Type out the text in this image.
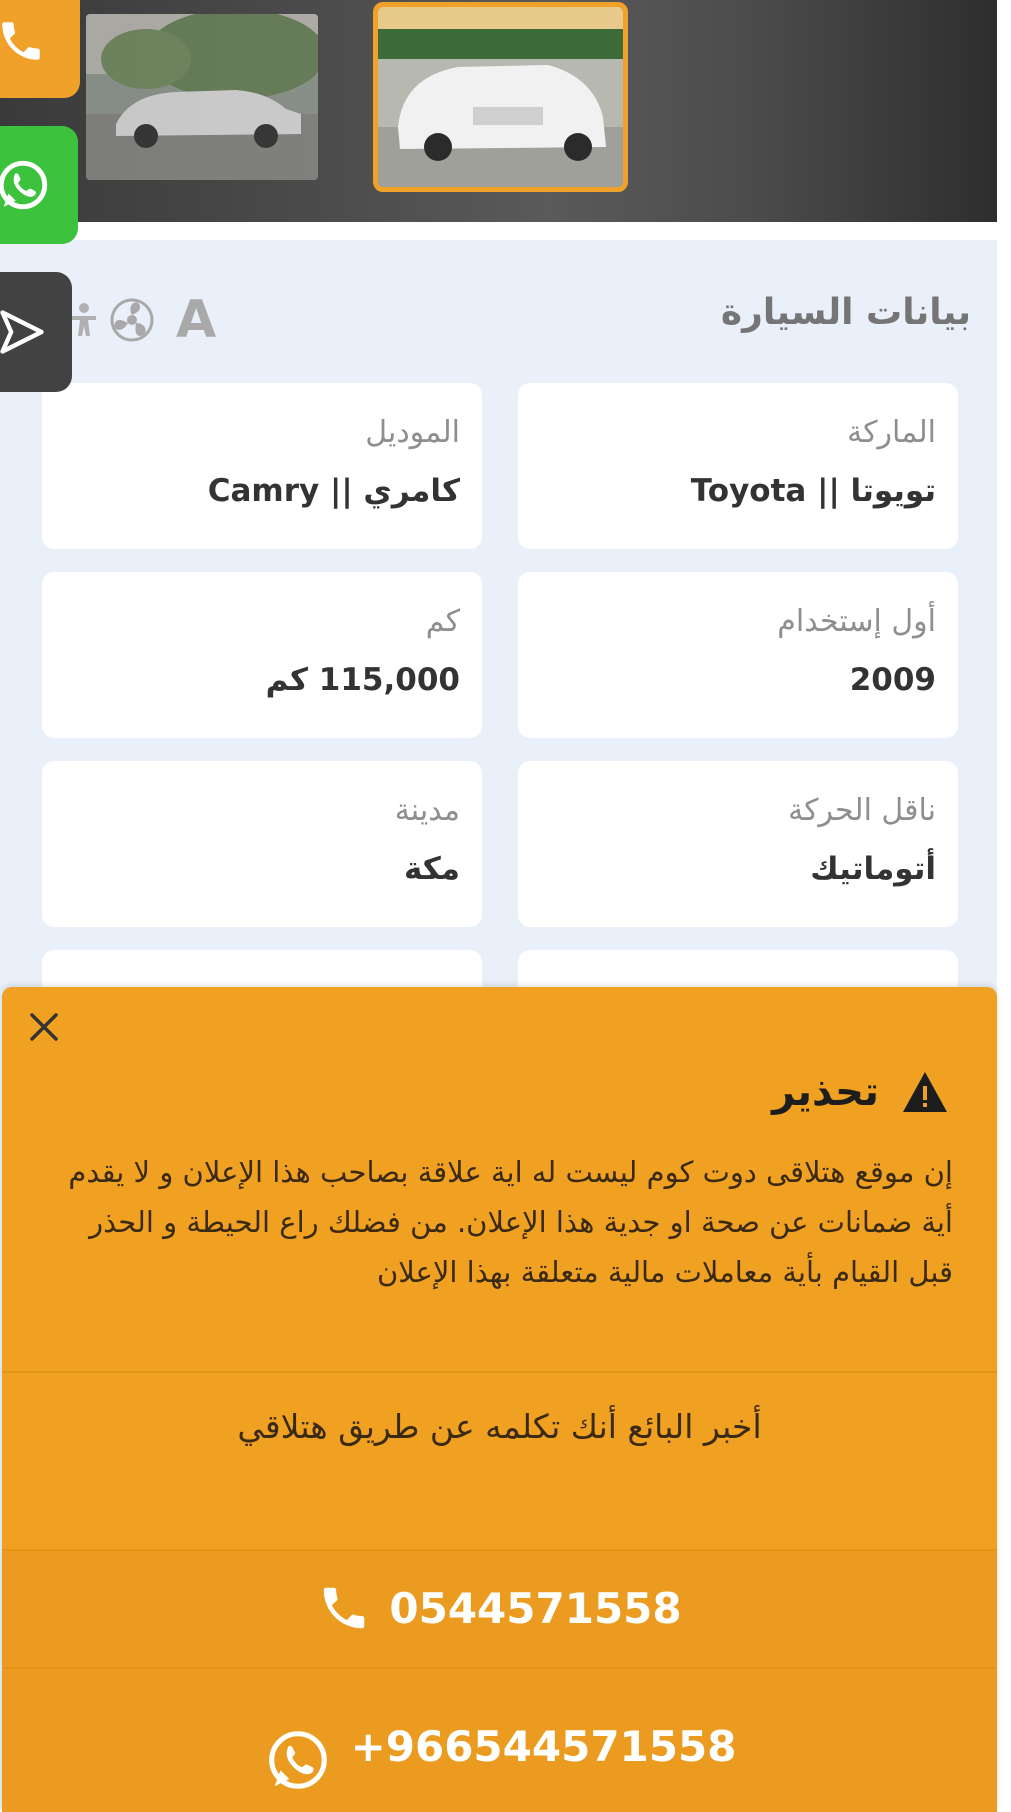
بيانات السيارة
A
الماركة
تويوتا || Toyota
الموديل
كامري || Camry
أول إستخدام
2009
كم
115,000 كم
ناقل الحركة
أتوماتيك
مدينة
مكة
تحذير
إن موقع هتلاقى دوت كوم ليست له اية علاقة بصاحب هذا الإعلان و لا يقدم أية ضمانات عن صحة او جدية هذا الإعلان. من فضلك راع الحيطة و الحذر قبل القيام بأية معاملات مالية متعلقة بهذا الإعلان
أخبر البائع أنك تكلمه عن طريق هتلاقي
0544571558
+966544571558
